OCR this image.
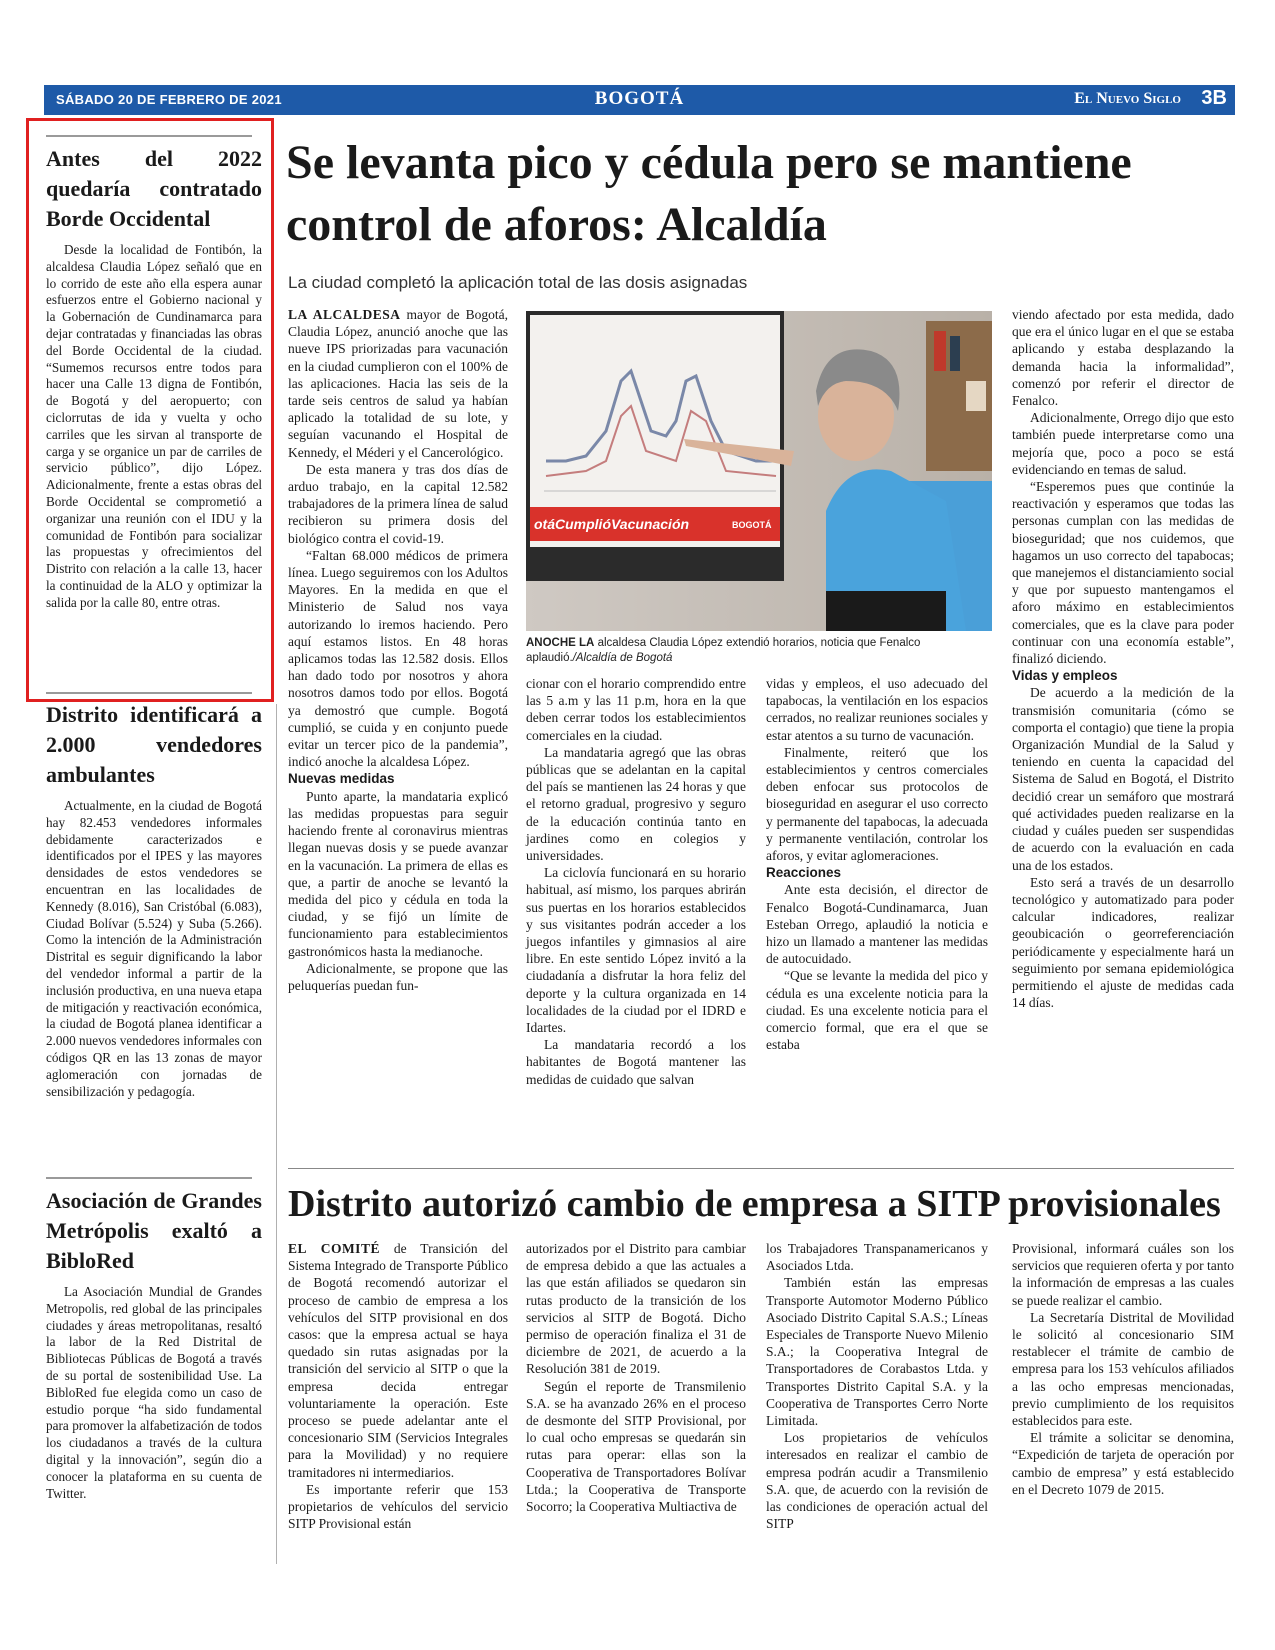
SÁBADO 20 DE FEBRERO DE 2021	BOGOTÁ	El Nuevo Siglo 3B
Antes del 2022 quedaría contratado Borde Occidental

Desde la localidad de Fontibón, la alcaldesa Claudia López señaló que en lo corrido de este año ella espera aunar esfuerzos entre el Gobierno nacional y la Gobernación de Cundinamarca para dejar contratadas y financiadas las obras del Borde Occidental de la ciudad. “Sumemos recursos entre todos para hacer una Calle 13 digna de Fontibón, de Bogotá y del aeropuerto; con ciclorrutas de ida y vuelta y ocho carriles que les sirvan al transporte de carga y se organice un par de carriles de servicio público”, dijo López. Adicionalmente, frente a estas obras del Borde Occidental se comprometió a organizar una reunión con el IDU y la comunidad de Fontibón para socializar las propuestas y ofrecimientos del Distrito con relación a la calle 13, hacer la continuidad de la ALO y optimizar la salida por la calle 80, entre otras.

Distrito identificará a 2.000 vendedores ambulantes

Actualmente, en la ciudad de Bogotá hay 82.453 vendedores informales debidamente caracterizados e identificados por el IPES y las mayores densidades de estos vendedores se encuentran en las localidades de Kennedy (8.016), San Cristóbal (6.083), Ciudad Bolívar (5.524) y Suba (5.266). Como la intención de la Administración Distrital es seguir dignificando la labor del vendedor informal a partir de la inclusión productiva, en una nueva etapa de mitigación y reactivación económica, la ciudad de Bogotá planea identificar a 2.000 nuevos vendedores informales con códigos QR en las 13 zonas de mayor aglomeración con jornadas de sensibilización y pedagogía.

Asociación de Grandes Metrópolis exaltó a BibloRed

La Asociación Mundial de Grandes Metropolis, red global de las principales ciudades y áreas metropolitanas, resaltó la labor de la Red Distrital de Bibliotecas Públicas de Bogotá a través de su portal de sostenibilidad Use. La BibloRed fue elegida como un caso de estudio porque “ha sido fundamental para promover la alfabetización de todos los ciudadanos a través de la cultura digital y la innovación”, según dio a conocer la plataforma en su cuenta de Twitter.

Se levanta pico y cédula pero se mantiene control de aforos: Alcaldía
La ciudad completó la aplicación total de las dosis asignadas

LA ALCALDESA mayor de Bogotá, Claudia López, anunció anoche que las nueve IPS priorizadas para vacunación en la ciudad cumplieron con el 100% de las aplicaciones. Hacia las seis de la tarde seis centros de salud ya habían aplicado la totalidad de su lote, y seguían vacunando el Hospital de Kennedy, el Méderi y el Cancerológico.

De esta manera y tras dos días de arduo trabajo, en la capital 12.582 trabajadores de la primera línea de salud recibieron su primera dosis del biológico contra el covid-19.

“Faltan 68.000 médicos de primera línea. Luego seguiremos con los Adultos Mayores. En la medida en que el Ministerio de Salud nos vaya autorizando lo iremos haciendo. Pero aquí estamos listos. En 48 horas aplicamos todas las 12.582 dosis. Ellos han dado todo por nosotros y ahora nosotros damos todo por ellos. Bogotá ya demostró que cumple. Bogotá cumplió, se cuida y en conjunto puede evitar un tercer pico de la pandemia”, indicó anoche la alcaldesa López.

Nuevas medidas

Punto aparte, la mandataria explicó las medidas propuestas para seguir haciendo frente al coronavirus mientras llegan nuevas dosis y se puede avanzar en la vacunación. La primera de ellas es que, a partir de anoche se levantó la medida del pico y cédula en toda la ciudad, y se fijó un límite de funcionamiento para establecimientos gastronómicos hasta la medianoche.

Adicionalmente, se propone que las peluquerías puedan fun-

otáCumplióVacunación	BOGOTÁ
ANOCHE LA alcaldesa Claudia López extendió horarios, noticia que Fenalco aplaudió./Alcaldía de Bogotá

cionar con el horario comprendido entre las 5 a.m y las 11 p.m, hora en la que deben cerrar todos los establecimientos comerciales en la ciudad.

La mandataria agregó que las obras públicas que se adelantan en la capital del país se mantienen las 24 horas y que el retorno gradual, progresivo y seguro de la educación continúa tanto en jardines como en colegios y universidades.

La ciclovía funcionará en su horario habitual, así mismo, los parques abrirán sus puertas en los horarios establecidos y sus visitantes podrán acceder a los juegos infantiles y gimnasios al aire libre. En este sentido López invitó a la ciudadanía a disfrutar la hora feliz del deporte y la cultura organizada en 14 localidades de la ciudad por el IDRD e Idartes.

La mandataria recordó a los habitantes de Bogotá mantener las medidas de cuidado que salvan

vidas y empleos, el uso adecuado del tapabocas, la ventilación en los espacios cerrados, no realizar reuniones sociales y estar atentos a su turno de vacunación.

Finalmente, reiteró que los establecimientos y centros comerciales deben enfocar sus protocolos de bioseguridad en asegurar el uso correcto y permanente del tapabocas, la adecuada y permanente ventilación, controlar los aforos, y evitar aglomeraciones.

Reacciones

Ante esta decisión, el director de Fenalco Bogotá-Cundinamarca, Juan Esteban Orrego, aplaudió la noticia e hizo un llamado a mantener las medidas de autocuidado.

“Que se levante la medida del pico y cédula es una excelente noticia para la ciudad. Es una excelente noticia para el comercio formal, que era el que se estaba

viendo afectado por esta medida, dado que era el único lugar en el que se estaba aplicando y estaba desplazando la demanda hacia la informalidad”, comenzó por referir el director de Fenalco.

Adicionalmente, Orrego dijo que esto también puede interpretarse como una mejoría que, poco a poco se está evidenciando en temas de salud.

“Esperemos pues que continúe la reactivación y esperamos que todas las personas cumplan con las medidas de bioseguridad; que nos cuidemos, que hagamos un uso correcto del tapabocas; que manejemos el distanciamiento social y que por supuesto mantengamos el aforo máximo en establecimientos comerciales, que es la clave para poder continuar con una economía estable”, finalizó diciendo.

Vidas y empleos

De acuerdo a la medición de la transmisión comunitaria (cómo se comporta el contagio) que tiene la propia Organización Mundial de la Salud y teniendo en cuenta la capacidad del Sistema de Salud en Bogotá, el Distrito decidió crear un semáforo que mostrará qué actividades pueden realizarse en la ciudad y cuáles pueden ser suspendidas de acuerdo con la evaluación en cada una de los estados.

Esto será a través de un desarrollo tecnológico y automatizado para poder calcular indicadores, realizar geoubicación o georreferenciación periódicamente y especialmente hará un seguimiento por semana epidemiológica permitiendo el ajuste de medidas cada 14 días.

Distrito autorizó cambio de empresa a SITP provisionales

EL COMITÉ de Transición del Sistema Integrado de Transporte Público de Bogotá recomendó autorizar el proceso de cambio de empresa a los vehículos del SITP provisional en dos casos: que la empresa actual se haya quedado sin rutas asignadas por la transición del servicio al SITP o que la empresa decida entregar voluntariamente la operación. Este proceso se puede adelantar ante el concesionario SIM (Servicios Integrales para la Movilidad) y no requiere tramitadores ni intermediarios.

Es importante referir que 153 propietarios de vehículos del servicio SITP Provisional están

autorizados por el Distrito para cambiar de empresa debido a que las actuales a las que están afiliados se quedaron sin rutas producto de la transición de los servicios al SITP de Bogotá. Dicho permiso de operación finaliza el 31 de diciembre de 2021, de acuerdo a la Resolución 381 de 2019.

Según el reporte de Transmilenio S.A. se ha avanzado 26% en el proceso de desmonte del SITP Provisional, por lo cual ocho empresas se quedarán sin rutas para operar: ellas son la Cooperativa de Transportadores Bolívar Ltda.; la Cooperativa de Transporte Socorro; la Cooperativa Multiactiva de

los Trabajadores Transpanamericanos y Asociados Ltda.

También están las empresas Transporte Automotor Moderno Público Asociado Distrito Capital S.A.S.; Líneas Especiales de Transporte Nuevo Milenio S.A.; la Cooperativa Integral de Transportadores de Corabastos Ltda. y Transportes Distrito Capital S.A. y la Cooperativa de Transportes Cerro Norte Limitada.

Los propietarios de vehículos interesados en realizar el cambio de empresa podrán acudir a Transmilenio S.A. que, de acuerdo con la revisión de las condiciones de operación actual del SITP

Provisional, informará cuáles son los servicios que requieren oferta y por tanto la información de empresas a las cuales se puede realizar el cambio.

La Secretaría Distrital de Movilidad le solicitó al concesionario SIM restablecer el trámite de cambio de empresa para los 153 vehículos afiliados a las ocho empresas mencionadas, previo cumplimiento de los requisitos establecidos para este.

El trámite a solicitar se denomina, “Expedición de tarjeta de operación por cambio de empresa” y está establecido en el Decreto 1079 de 2015.
